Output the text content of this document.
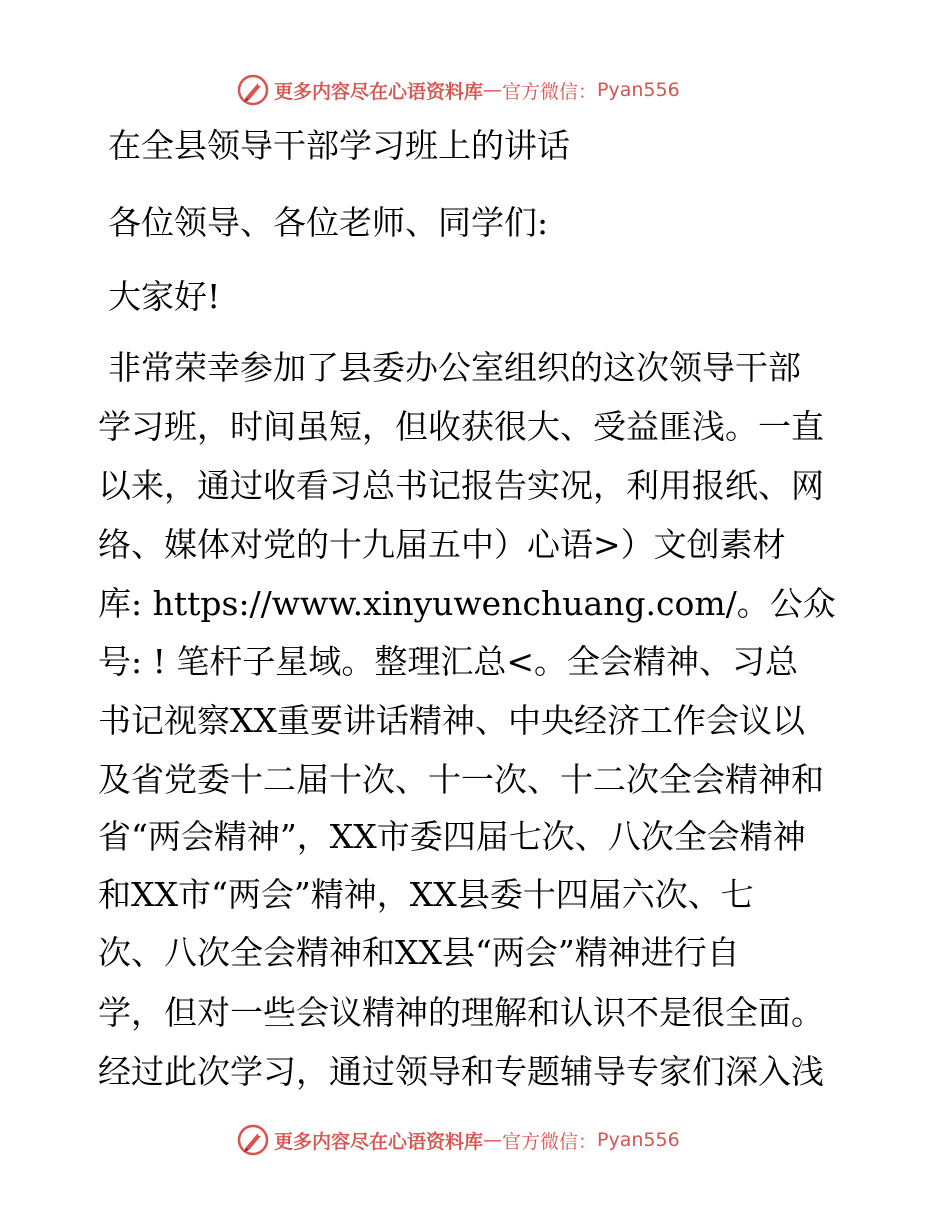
更多内容尽在心语资料库 — 官方微信： Pyan556
在全县领导干部学习班上的讲话
各位领导、各位老师、同学们:
大家好!
非常荣幸参加了县委办公室组织的这次领导干部
学习班，时间虽短，但收获很大、受益匪浅。一直
以来，通过收看习总书记报告实况，利用报纸、网
络、媒体对党的十九届五中）心语>）文创素材
库: https://www.xinyuwenchuang.com/。公众
号: ! 笔杆子星域。整理汇总<。全会精神、习总
书记视察XX重要讲话精神、中央经济工作会议以
及省党委十二届十次、十一次、十二次全会精神和
省“两会精神”，XX市委四届七次、八次全会精神
和XX市“两会”精神，XX县委十四届六次、七
次、八次全会精神和XX县“两会”精神进行自
学，但对一些会议精神的理解和认识不是很全面。
经过此次学习，通过领导和专题辅导专家们深入浅
更多内容尽在心语资料库 — 官方微信： Pyan556
